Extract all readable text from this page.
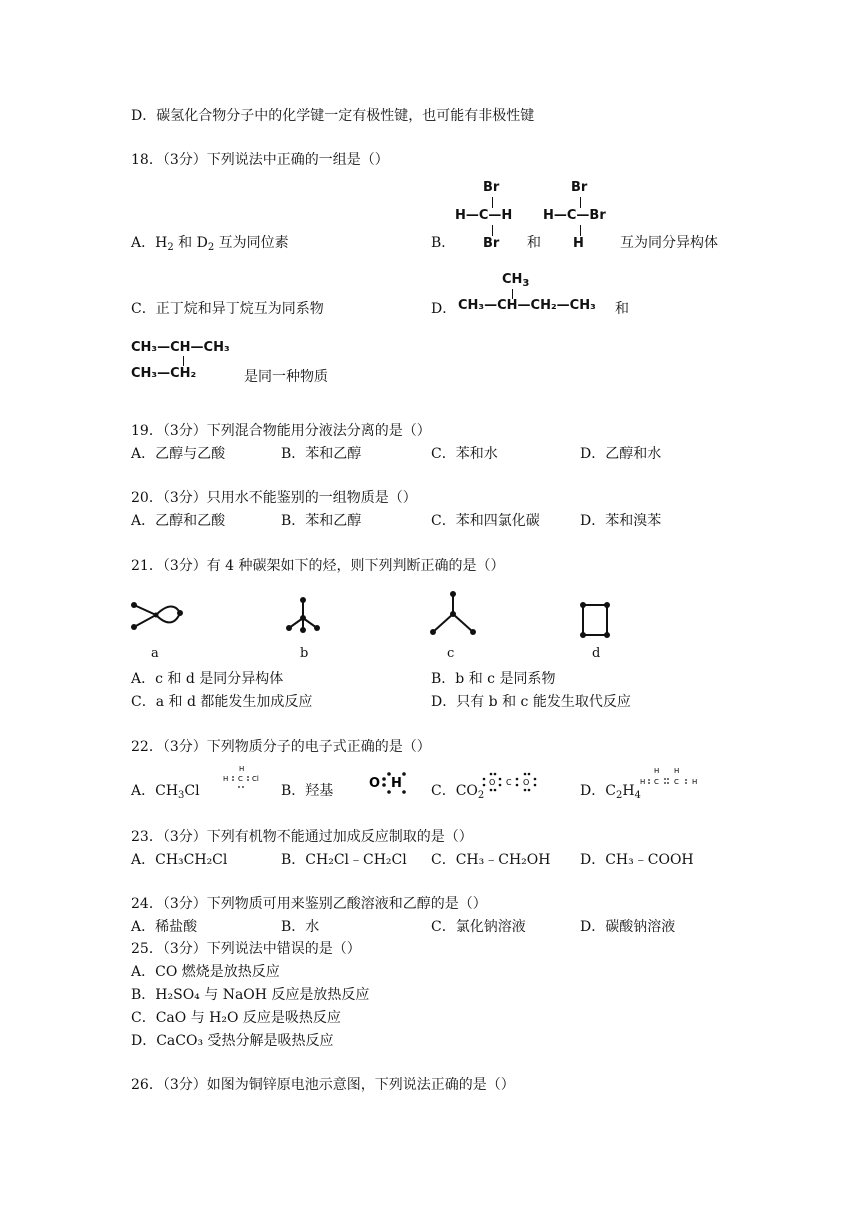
D．碳氢化合物分子中的化学键一定有极性键，也可能有非极性键
18．（3分）下列说法中正确的一组是（）
A．$H_2$ 和 $D_2$ 互为同位素	B．
Br
H—C—H
Br 和
Br
H—C—Br
H	互为同分异构体
C．正丁烷和异丁烷互为同系物	D．
$CH_3$
CH₃—CH—CH₂—CH₃ 和
CH₃—CH—CH₃
CH₃—CH₂	是同一种物质
19．（3分）下列混合物能用分液法分离的是（）
A．乙醇与乙酸	B．苯和乙醇	C．苯和水	D．乙醇和水
20．（3分）只用水不能鉴别的一组物质是（）
A．乙醇和乙酸	B．苯和乙醇	C．苯和四氯化碳	D．苯和溴苯
21．（3分）有 4 种碳架如下的烃，则下列判断正确的是（）
a	b	c	d
A．c 和 d 是同分异构体	B．b 和 c 是同系物
C．a 和 d 都能发生加成反应	D．只有 b 和 c 能发生取代反应
22．（3分）下列物质分子的电子式正确的是（）
A．$CH_3Cl$
H
H C Cl
B．羟基	O H C．$CO_2$
O C O
D．$C_2H_4$
H H
H C C H
23．（3分）下列有机物不能通过加成反应制取的是（）
A．CH₃CH₂Cl	B．CH₂Cl﹣CH₂Cl C．CH₃﹣CH₂OH D．CH₃﹣COOH
24．（3分）下列物质可用来鉴别乙酸溶液和乙醇的是（）
A．稀盐酸	B．水	C．氯化钠溶液	D．碳酸钠溶液
25．（3分）下列说法中错误的是（）
A．CO 燃烧是放热反应
B．H₂SO₄ 与 NaOH 反应是放热反应
C．CaO 与 H₂O 反应是吸热反应
D．CaCO₃ 受热分解是吸热反应
26．（3分）如图为铜锌原电池示意图，下列说法正确的是（）
